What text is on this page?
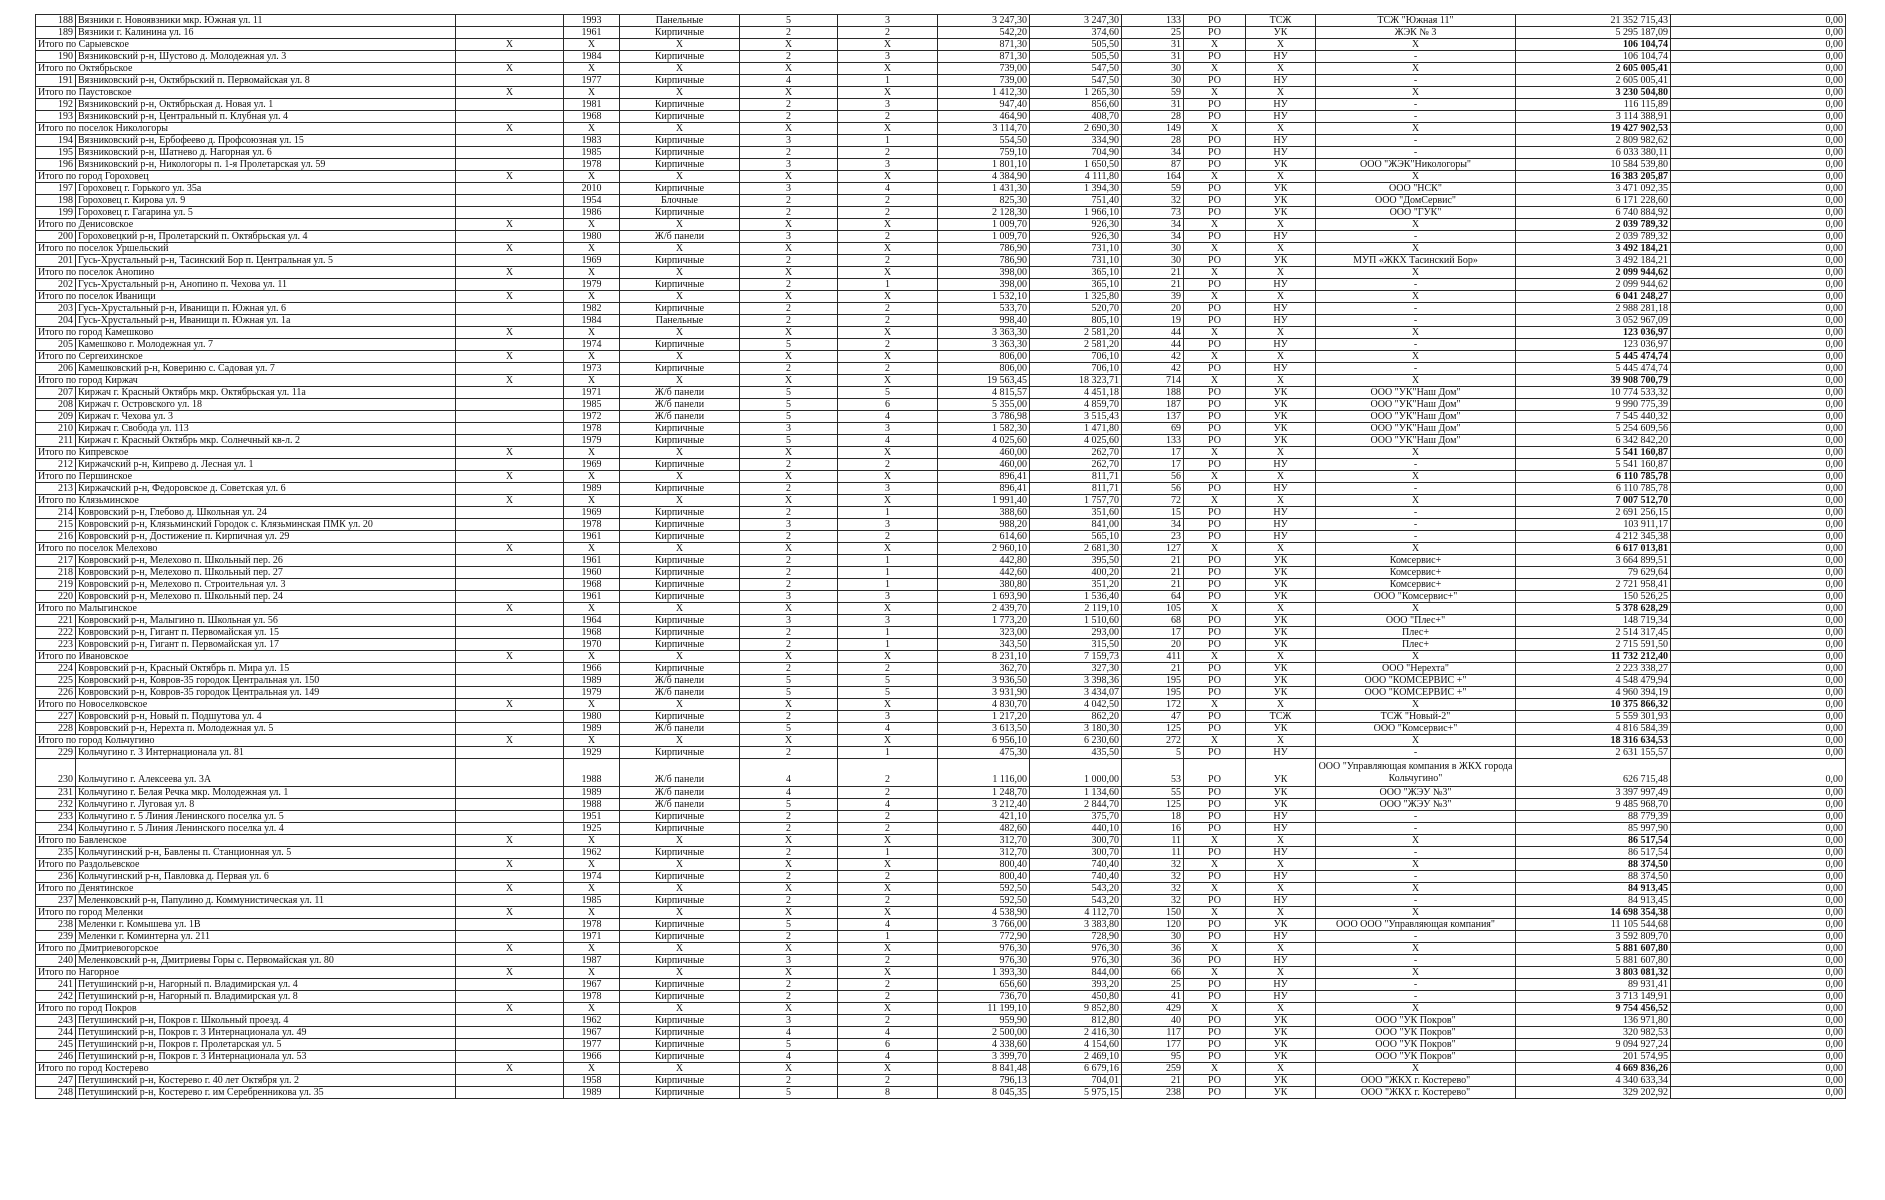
188	Вязники г. Новоявзники мкр. Южная ул. 11		1993	Панельные	5	3	3 247,30	3 247,30	133	РО	ТСЖ	ТСЖ "Южная 11"	21 352 715,43	0,00
189	Вязники г. Калинина ул. 16		1961	Кирпичные	2	2	542,20	374,60	25	РО	УК	ЖЭК № 3	5 295 187,09	0,00
Итого по Сарыевское		X	X	X	X	X	871,30	505,50	31	X	X	X	106 104,74	0,00
190	Вязниковский р-н, Шустово д. Молодежная ул. 3		1984	Кирпичные	2	3	871,30	505,50	31	РО	НУ	-	106 104,74	0,00
Итого по Октябрьское		X	X	X	X	X	739,00	547,50	30	X	X	X	2 605 005,41	0,00
191	Вязниковский р-н, Октябрьский п. Первомайская ул. 8		1977	Кирпичные	4	1	739,00	547,50	30	РО	НУ	-	2 605 005,41	0,00
Итого по Паустовское		X	X	X	X	X	1 412,30	1 265,30	59	X	X	X	3 230 504,80	0,00
192	Вязниковский р-н, Октябрьская д. Новая ул. 1		1981	Кирпичные	2	3	947,40	856,60	31	РО	НУ	-	116 115,89	0,00
193	Вязниковский р-н, Центральный п. Клубная ул. 4		1968	Кирпичные	2	2	464,90	408,70	28	РО	НУ	-	3 114 388,91	0,00
Итого по поселок Никологоры		X	X	X	X	X	3 114,70	2 690,30	149	X	X	X	19 427 902,53	0,00
194	Вязниковский р-н, Ербофеево д. Профсоюзная ул. 15		1983	Кирпичные	3	1	554,50	334,90	28	РО	НУ	-	2 809 982,62	0,00
195	Вязниковский р-н, Шатнево д. Нагорная ул. 6		1985	Кирпичные	2	2	759,10	704,90	34	РО	НУ	-	6 033 380,11	0,00
196	Вязниковский р-н, Никологоры п. 1-я Пролетарская ул. 59		1978	Кирпичные	3	3	1 801,10	1 650,50	87	РО	УК	ООО "ЖЭК"Никологоры"	10 584 539,80	0,00
Итого по город Гороховец		X	X	X	X	X	4 384,90	4 111,80	164	X	X	X	16 383 205,87	0,00
197	Гороховец г. Горького ул. 35а		2010	Кирпичные	3	4	1 431,30	1 394,30	59	РО	УК	ООО "НСК"	3 471 092,35	0,00
198	Гороховец г. Кирова ул. 9		1954	Блочные	2	2	825,30	751,40	32	РО	УК	ООО "ДомСервис"	6 171 228,60	0,00
199	Гороховец г. Гагарина ул. 5		1986	Кирпичные	2	2	2 128,30	1 966,10	73	РО	УК	ООО "ГУК"	6 740 884,92	0,00
Итого по Денисовское		X	X	X	X	X	1 009,70	926,30	34	X	X	X	2 039 789,32	0,00
200	Гороховецкий р-н, Пролетарский п. Октябрьская ул. 4		1980	Ж/б панели	3	2	1 009,70	926,30	34	РО	НУ	-	2 039 789,32	0,00
Итого по поселок Уршельский		X	X	X	X	X	786,90	731,10	30	X	X	X	3 492 184,21	0,00
201	Гусь-Хрустальный р-н, Тасинский Бор п. Центральная ул. 5		1969	Кирпичные	2	2	786,90	731,10	30	РО	УК	МУП «ЖКХ Тасинский Бор»	3 492 184,21	0,00
Итого по поселок Анопино		X	X	X	X	X	398,00	365,10	21	X	X	X	2 099 944,62	0,00
202	Гусь-Хрустальный р-н, Анопино п. Чехова ул. 11		1979	Кирпичные	2	1	398,00	365,10	21	РО	НУ	-	2 099 944,62	0,00
Итого по поселок Иванищи		X	X	X	X	X	1 532,10	1 325,80	39	X	X	X	6 041 248,27	0,00
203	Гусь-Хрустальный р-н, Иванищи п. Южная ул. 6		1982	Кирпичные	2	2	533,70	520,70	20	РО	НУ	-	2 988 281,18	0,00
204	Гусь-Хрустальный р-н, Иванищи п. Южная ул. 1а		1984	Панельные	2	2	998,40	805,10	19	РО	НУ	-	3 052 967,09	0,00
Итого по город Камешково		X	X	X	X	X	3 363,30	2 581,20	44	X	X	X	123 036,97	0,00
205	Камешково г. Молодежная ул. 7		1974	Кирпичные	5	2	3 363,30	2 581,20	44	РО	НУ	-	123 036,97	0,00
Итого по Сергеихинское		X	X	X	X	X	806,00	706,10	42	X	X	X	5 445 474,74	0,00
206	Камешковский р-н, Ковериню с. Садовая ул. 7		1973	Кирпичные	2	2	806,00	706,10	42	РО	НУ	-	5 445 474,74	0,00
Итого по город Киржач		X	X	X	X	X	19 563,45	18 323,71	714	X	X	X	39 908 700,79	0,00
207	Киржач г. Красный Октябрь мкр. Октябрьская ул. 11а		1971	Ж/б панели	5	5	4 815,57	4 451,18	188	РО	УК	ООО "УК"Наш Дом"	10 774 533,32	0,00
208	Киржач г. Островского ул. 18		1985	Ж/б панели	5	6	5 355,00	4 859,70	187	РО	УК	ООО "УК"Наш Дом"	9 990 775,39	0,00
209	Киржач г. Чехова ул. 3		1972	Ж/б панели	5	4	3 786,98	3 515,43	137	РО	УК	ООО "УК"Наш Дом"	7 545 440,32	0,00
210	Киржач г. Свобода ул. 113		1978	Кирпичные	3	3	1 582,30	1 471,80	69	РО	УК	ООО "УК"Наш Дом"	5 254 609,56	0,00
211	Киржач г. Красный Октябрь мкр. Солнечный кв-л. 2		1979	Кирпичные	5	4	4 025,60	4 025,60	133	РО	УК	ООО "УК"Наш Дом"	6 342 842,20	0,00
Итого по Кипревское		X	X	X	X	X	460,00	262,70	17	X	X	X	5 541 160,87	0,00
212	Киржачский р-н, Кипрево д. Лесная ул. 1		1969	Кирпичные	2	2	460,00	262,70	17	РО	НУ	-	5 541 160,87	0,00
Итого по Першинское		X	X	X	X	X	896,41	811,71	56	X	X	X	6 110 785,78	0,00
213	Киржачский р-н, Федоровское д. Советская ул. 6		1989	Кирпичные	2	3	896,41	811,71	56	РО	НУ	-	6 110 785,78	0,00
Итого по Клязьминское		X	X	X	X	X	1 991,40	1 757,70	72	X	X	X	7 007 512,70	0,00
214	Ковровский р-н, Глебово д. Школьная ул. 24		1969	Кирпичные	2	1	388,60	351,60	15	РО	НУ	-	2 691 256,15	0,00
215	Ковровский р-н, Клязьминский Городок с. Клязьминская ПМК ул. 20		1978	Кирпичные	3	3	988,20	841,00	34	РО	НУ	-	103 911,17	0,00
216	Ковровский р-н, Достижение п. Кирпичная ул. 29		1961	Кирпичные	2	2	614,60	565,10	23	РО	НУ	-	4 212 345,38	0,00
Итого по поселок Мелехово		X	X	X	X	X	2 960,10	2 681,30	127	X	X	X	6 617 013,81	0,00
217	Ковровский р-н, Мелехово п. Школьный пер. 26		1961	Кирпичные	2	1	442,80	395,50	21	РО	УК	Комсервис+	3 664 899,51	0,00
218	Ковровский р-н, Мелехово п. Школьный пер. 27		1960	Кирпичные	2	1	442,60	400,20	21	РО	УК	Комсервис+	79 629,64	0,00
219	Ковровский р-н, Мелехово п. Строительная ул. 3		1968	Кирпичные	2	1	380,80	351,20	21	РО	УК	Комсервис+	2 721 958,41	0,00
220	Ковровский р-н, Мелехово п. Школьный пер. 24		1961	Кирпичные	3	3	1 693,90	1 536,40	64	РО	УК	ООО "Комсервис+"	150 526,25	0,00
Итого по Малыгинское		X	X	X	X	X	2 439,70	2 119,10	105	X	X	X	5 378 628,29	0,00
221	Ковровский р-н, Малыгино п. Школьная ул. 56		1964	Кирпичные	3	3	1 773,20	1 510,60	68	РО	УК	ООО "Плес+"	148 719,34	0,00
222	Ковровский р-н, Гигант п. Первомайская ул. 15		1968	Кирпичные	2	1	323,00	293,00	17	РО	УК	Плес+	2 514 317,45	0,00
223	Ковровский р-н, Гигант п. Первомайская ул. 17		1970	Кирпичные	2	1	343,50	315,50	20	РО	УК	Плес+	2 715 591,50	0,00
Итого по Ивановское		X	X	X	X	X	8 231,10	7 159,73	411	X	X	X	11 732 212,40	0,00
224	Ковровский р-н, Красный Октябрь п. Мира ул. 15		1966	Кирпичные	2	2	362,70	327,30	21	РО	УК	ООО "Нерехта"	2 223 338,27	0,00
225	Ковровский р-н, Ковров-35 городок Центральная ул. 150		1989	Ж/б панели	5	5	3 936,50	3 398,36	195	РО	УК	ООО "КОМСЕРВИС +"	4 548 479,94	0,00
226	Ковровский р-н, Ковров-35 городок Центральная ул. 149		1979	Ж/б панели	5	5	3 931,90	3 434,07	195	РО	УК	ООО "КОМСЕРВИС +"	4 960 394,19	0,00
Итого по Новоселковское		X	X	X	X	X	4 830,70	4 042,50	172	X	X	X	10 375 866,32	0,00
227	Ковровский р-н, Новый п. Подшутова ул. 4		1980	Кирпичные	2	3	1 217,20	862,20	47	РО	ТСЖ	ТСЖ "Новый-2"	5 559 301,93	0,00
228	Ковровский р-н, Нерехта п. Молодежная ул. 5		1989	Ж/б панели	5	4	3 613,50	3 180,30	125	РО	УК	ООО "Комсервис+"	4 816 584,39	0,00
Итого по город Кольчугино		X	X	X	X	X	6 956,10	6 230,60	272	X	X	X	18 316 634,53	0,00
229	Кольчугино г. 3 Интернационала ул. 81		1929	Кирпичные	2	1	475,30	435,50	5	РО	НУ	-	2 631 155,57	0,00
230	Кольчугино г. Алексеева ул. 3А		1988	Ж/б панели	4	2	1 116,00	1 000,00	53	РО	УК	ООО "Управляющая компания в ЖКХ города Кольчугино"	626 715,48	0,00
231	Кольчугино г. Белая Речка мкр. Молодежная ул. 1		1989	Ж/б панели	4	2	1 248,70	1 134,60	55	РО	УК	ООО "ЖЭУ №3"	3 397 997,49	0,00
232	Кольчугино г. Луговая ул. 8		1988	Ж/б панели	5	4	3 212,40	2 844,70	125	РО	УК	ООО "ЖЭУ №3"	9 485 968,70	0,00
233	Кольчугино г. 5 Линия Ленинского поселка ул. 5		1951	Кирпичные	2	2	421,10	375,70	18	РО	НУ	-	88 779,39	0,00
234	Кольчугино г. 5 Линия Ленинского поселка ул. 4		1925	Кирпичные	2	2	482,60	440,10	16	РО	НУ	-	85 997,90	0,00
Итого по Бавленское		X	X	X	X	X	312,70	300,70	11	X	X	X	86 517,54	0,00
235	Кольчугинский р-н, Бавлены п. Станционная ул. 5		1962	Кирпичные	2	1	312,70	300,70	11	РО	НУ	-	86 517,54	0,00
Итого по Раздольевское		X	X	X	X	X	800,40	740,40	32	X	X	X	88 374,50	0,00
236	Кольчугинский р-н, Павловка д. Первая ул. 6		1974	Кирпичные	2	2	800,40	740,40	32	РО	НУ	-	88 374,50	0,00
Итого по Денятинское		X	X	X	X	X	592,50	543,20	32	X	X	X	84 913,45	0,00
237	Меленковский р-н, Папулино д. Коммунистическая ул. 11		1985	Кирпичные	2	2	592,50	543,20	32	РО	НУ	-	84 913,45	0,00
Итого по город Меленки		X	X	X	X	X	4 538,90	4 112,70	150	X	X	X	14 698 354,38	0,00
238	Меленки г. Комышева ул. 1В		1978	Кирпичные	5	4	3 766,00	3 383,80	120	РО	УК	ООО ООО "Управляющая компания"	11 105 544,68	0,00
239	Меленки г. Коминтерна ул. 211		1971	Кирпичные	2	1	772,90	728,90	30	РО	НУ	-	3 592 809,70	0,00
Итого по Дмитриевогорское		X	X	X	X	X	976,30	976,30	36	X	X	X	5 881 607,80	0,00
240	Меленковский р-н, Дмитриевы Горы с. Первомайская ул. 80		1987	Кирпичные	3	2	976,30	976,30	36	РО	НУ	-	5 881 607,80	0,00
Итого по Нагорное		X	X	X	X	X	1 393,30	844,00	66	X	X	X	3 803 081,32	0,00
241	Петушинский р-н, Нагорный п. Владимирская ул. 4		1967	Кирпичные	2	2	656,60	393,20	25	РО	НУ	-	89 931,41	0,00
242	Петушинский р-н, Нагорный п. Владимирская ул. 8		1978	Кирпичные	2	2	736,70	450,80	41	РО	НУ	-	3 713 149,91	0,00
Итого по город Покров		X	X	X	X	X	11 199,10	9 852,80	429	X	X	X	9 754 456,52	0,00
243	Петушинский р-н, Покров г. Школьный проезд. 4		1962	Кирпичные	3	2	959,90	812,80	40	РО	УК	ООО "УК Покров"	136 971,80	0,00
244	Петушинский р-н, Покров г. 3 Интернационала ул. 49		1967	Кирпичные	4	4	2 500,00	2 416,30	117	РО	УК	ООО "УК Покров"	320 982,53	0,00
245	Петушинский р-н, Покров г. Пролетарская ул. 5		1977	Кирпичные	5	6	4 338,60	4 154,60	177	РО	УК	ООО "УК Покров"	9 094 927,24	0,00
246	Петушинский р-н, Покров г. 3 Интернационала ул. 53		1966	Кирпичные	4	4	3 399,70	2 469,10	95	РО	УК	ООО "УК Покров"	201 574,95	0,00
Итого по город Костерево		X	X	X	X	X	8 841,48	6 679,16	259	X	X	X	4 669 836,26	0,00
247	Петушинский р-н, Костерево г. 40 лет Октября ул. 2		1958	Кирпичные	2	2	796,13	704,01	21	РО	УК	ООО "ЖКХ г. Костерево"	4 340 633,34	0,00
248	Петушинский р-н, Костерево г. им Серебренникова ул. 35		1989	Кирпичные	5	8	8 045,35	5 975,15	238	РО	УК	ООО "ЖКХ г. Костерево"	329 202,92	0,00
